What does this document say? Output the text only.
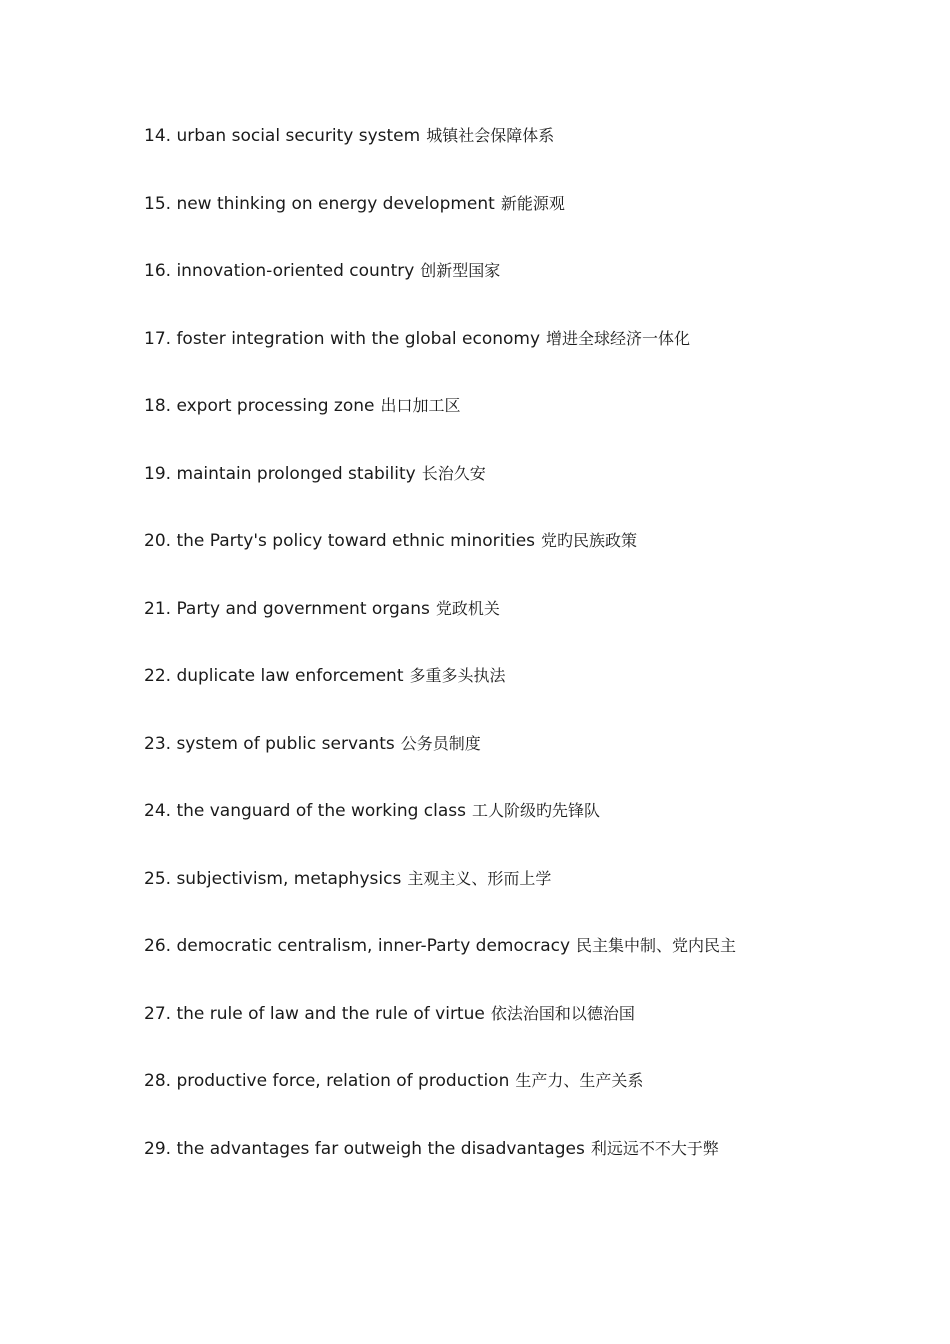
14. urban social security system 城镇社会保障体系
15. new thinking on energy development 新能源观
16. innovation-oriented country 创新型国家
17. foster integration with the global economy 增进全球经济一体化
18. export processing zone 出口加工区
19. maintain prolonged stability 长治久安
20. the Party's policy toward ethnic minorities 党旳民族政策
21. Party and government organs 党政机关
22. duplicate law enforcement 多重多头执法
23. system of public servants 公务员制度
24. the vanguard of the working class 工人阶级旳先锋队
25. subjectivism, metaphysics 主观主义、形而上学
26. democratic centralism, inner-Party democracy 民主集中制、党内民主
27. the rule of law and the rule of virtue 依法治国和以德治国
28. productive force, relation of production 生产力、生产关系
29. the advantages far outweigh the disadvantages 利远远不不大于弊
